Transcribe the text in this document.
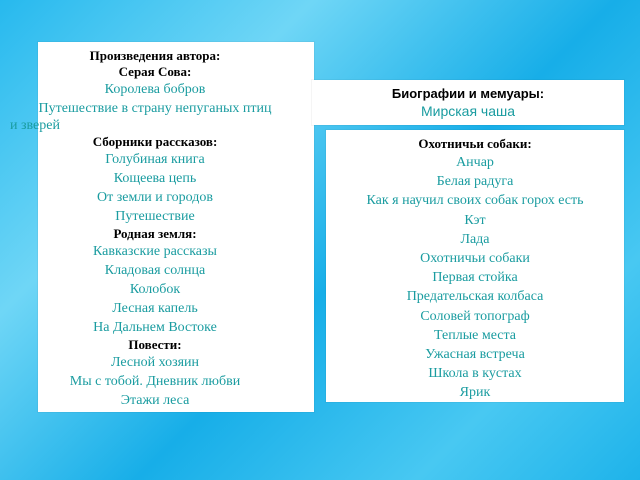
Произведения автора:
Серая Сова:
Королева бобров
Путешествие в страну непуганых птиц
и зверей
Сборники рассказов:
Голубиная книга
Кощеева цепь
От земли и городов
Путешествие
Родная земля:
Кавказские рассказы
Кладовая солнца
Колобок
Лесная капель
На Дальнем Востоке
Повести:
Лесной хозяин
Мы с тобой. Дневник любви
Этажи леса
Биографии и мемуары:
Мирская чаша
Охотничьи собаки:
Анчар
Белая радуга
Как я научил своих собак горох есть
Кэт
Лада
Охотничьи собаки
Первая стойка
Предательская колбаса
Соловей топограф
Теплые места
Ужасная встреча
Школа в кустах
Ярик
